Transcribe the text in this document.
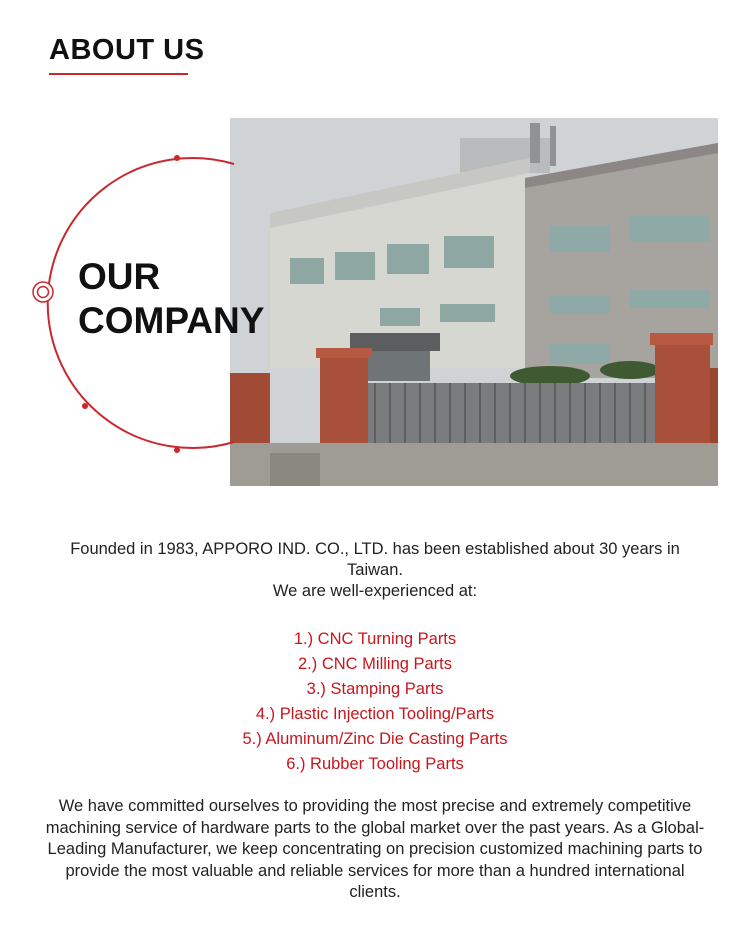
ABOUT US
OUR
COMPANY

Founded in 1983, APPORO IND. CO., LTD. has been established about 30 years in Taiwan.

We are well-experienced at:

1.) CNC Turning Parts
2.) CNC Milling Parts
3.) Stamping Parts
4.) Plastic Injection Tooling/Parts
5.) Aluminum/Zinc Die Casting Parts
6.) Rubber Tooling Parts

We have committed ourselves to providing the most precise and extremely competitive machining service of hardware parts to the global market over the past years. As a Global-Leading Manufacturer, we keep concentrating on precision customized machining parts to provide the most valuable and reliable services for more than a hundred international clients.
